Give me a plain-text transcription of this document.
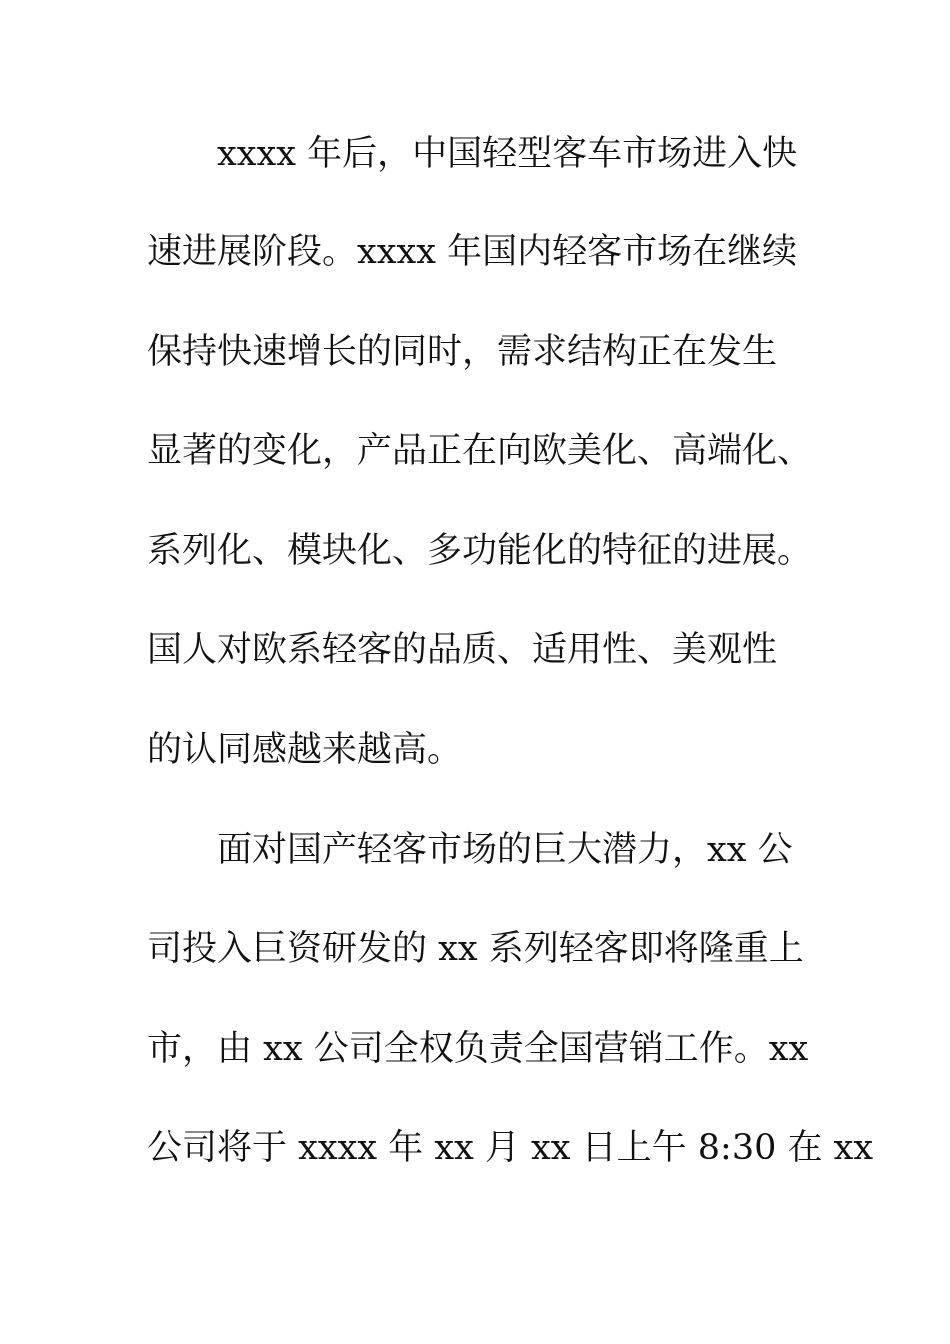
xxxx 年后，中国轻型客车市场进入快
速进展阶段。xxxx 年国内轻客市场在继续
保持快速增长的同时，需求结构正在发生
显著的变化，产品正在向欧美化、高端化、
系列化、模块化、多功能化的特征的进展。
国人对欧系轻客的品质、适用性、美观性
的认同感越来越高。
面对国产轻客市场的巨大潜力，xx 公
司投入巨资研发的 xx 系列轻客即将隆重上
市，由 xx 公司全权负责全国营销工作。xx
公司将于 xxxx 年 xx 月 xx 日上午 8:30 在 xx
